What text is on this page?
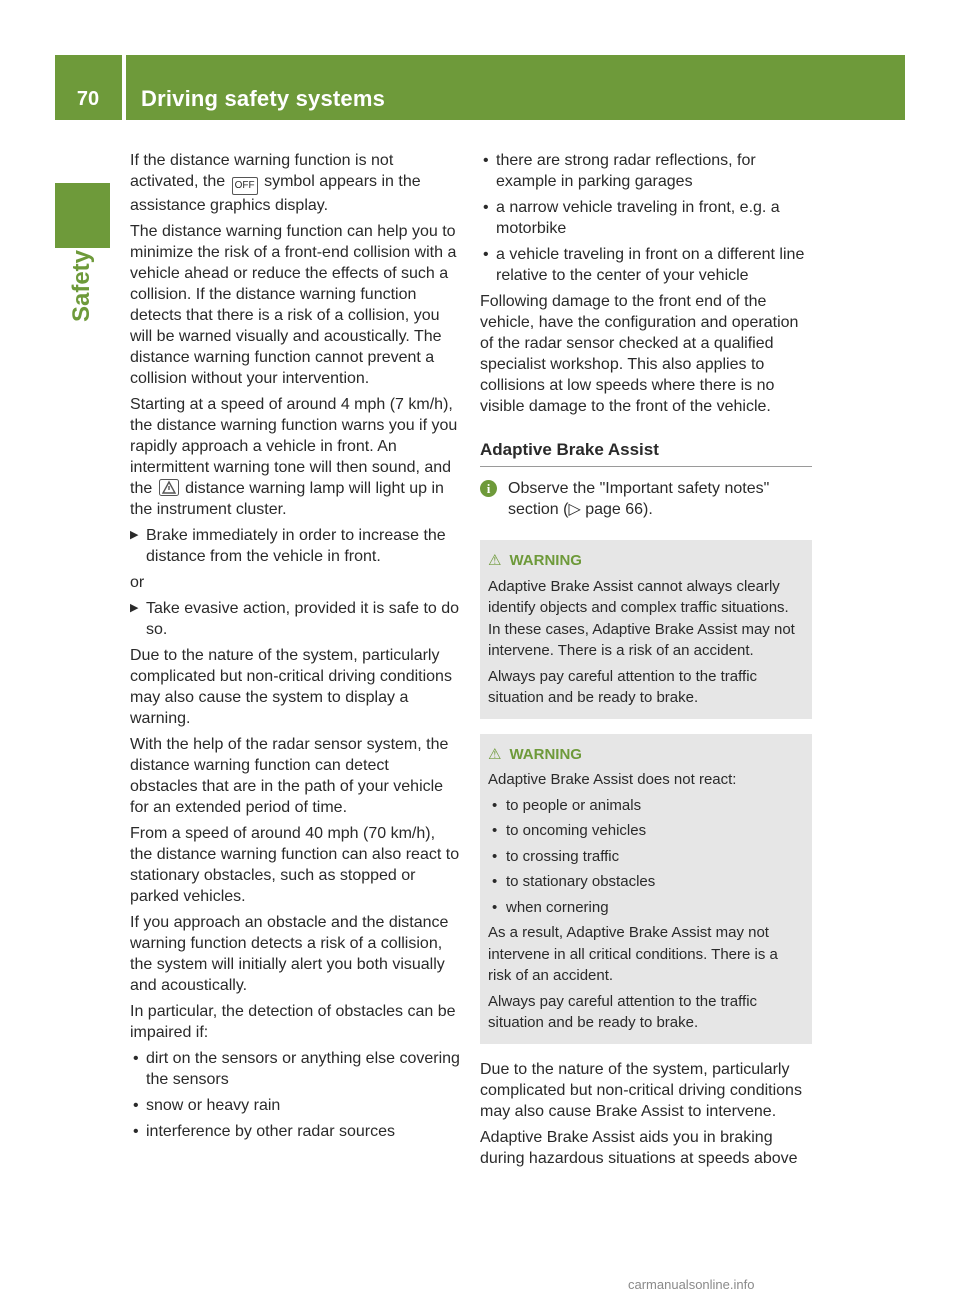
70	Driving safety systems
Safety

If the distance warning function is not activated, the OFF symbol appears in the assistance graphics display.

The distance warning function can help you to minimize the risk of a front-end collision with a vehicle ahead or reduce the effects of such a collision. If the distance warning function detects that there is a risk of a collision, you will be warned visually and acoustically. The distance warning function cannot prevent a collision without your intervention.

Starting at a speed of around 4 mph (7 km/h), the distance warning function warns you if you rapidly approach a vehicle in front. An intermittent warning tone will then sound, and the distance warning lamp will light up in the instrument cluster.

▶ Brake immediately in order to increase the distance from the vehicle in front.

or

▶ Take evasive action, provided it is safe to do so.

Due to the nature of the system, particularly complicated but non-critical driving conditions may also cause the system to display a warning.

With the help of the radar sensor system, the distance warning function can detect obstacles that are in the path of your vehicle for an extended period of time.

From a speed of around 40 mph (70 km/h), the distance warning function can also react to stationary obstacles, such as stopped or parked vehicles.

If you approach an obstacle and the distance warning function detects a risk of a collision, the system will initially alert you both visually and acoustically.

In particular, the detection of obstacles can be impaired if:

• dirt on the sensors or anything else covering the sensors
• snow or heavy rain
• interference by other radar sources
• there are strong radar reflections, for example in parking garages
• a narrow vehicle traveling in front, e.g. a motorbike
• a vehicle traveling in front on a different line relative to the center of your vehicle

Following damage to the front end of the vehicle, have the configuration and operation of the radar sensor checked at a qualified specialist workshop. This also applies to collisions at low speeds where there is no visible damage to the front of the vehicle.

Adaptive Brake Assist
i	Observe the "Important safety notes" section (▷ page 66).
⚠ WARNING

Adaptive Brake Assist cannot always clearly identify objects and complex traffic situations. In these cases, Adaptive Brake Assist may not intervene. There is a risk of an accident.

Always pay careful attention to the traffic situation and be ready to brake.

⚠ WARNING

Adaptive Brake Assist does not react:

• to people or animals
• to oncoming vehicles
• to crossing traffic
• to stationary obstacles
• when cornering

As a result, Adaptive Brake Assist may not intervene in all critical conditions. There is a risk of an accident.

Always pay careful attention to the traffic situation and be ready to brake.

Due to the nature of the system, particularly complicated but non-critical driving conditions may also cause Brake Assist to intervene.

Adaptive Brake Assist aids you in braking during hazardous situations at speeds above

carmanualsonline.info
